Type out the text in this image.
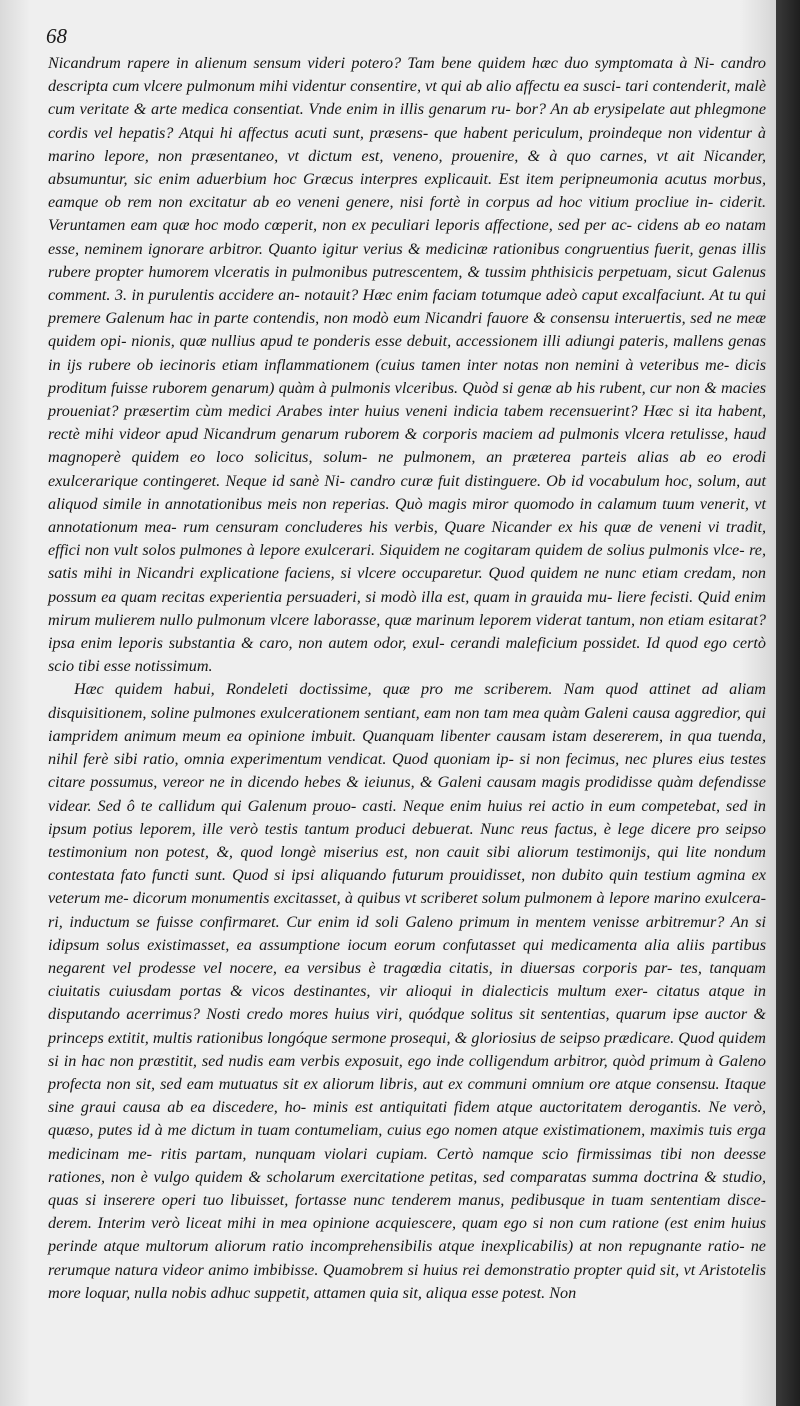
68

Nicandrum rapere in alienum sensum videri potero? Tam bene quidem hæc duo symptomata à Ni- candro descripta cum vlcere pulmonum mihi videntur consentire, vt qui ab alio affectu ea susci- tari contenderit, malè cum veritate & arte medica consentiat. Vnde enim in illis genarum ru- bor? An ab erysipelate aut phlegmone cordis vel hepatis? Atqui hi affectus acuti sunt, præsens- que habent periculum, proindeque non videntur à marino lepore, non præsentaneo, vt dictum est, veneno, prouenire, & à quo carnes, vt ait Nicander, absumuntur, sic enim aduerbium hoc Græcus interpres explicauit. Est item peripneumonia acutus morbus, eamque ob rem non excitatur ab eo veneni genere, nisi fortè in corpus ad hoc vitium procliue in- ciderit. Veruntamen eam quæ hoc modo cœperit, non ex peculiari leporis affectione, sed per ac- cidens ab eo natam esse, neminem ignorare arbitror. Quanto igitur verius & medicinæ rationibus congruentius fuerit, genas illis rubere propter humorem vlceratis in pulmonibus putrescentem, & tussim phthisicis perpetuam, sicut Galenus comment. 3. in purulentis accidere an- notauit? Hæc enim faciam totumque adeò caput excalfaciunt. At tu qui premere Galenum hac in parte contendis, non modò eum Nicandri fauore & consensu interuertis, sed ne meæ quidem opi- nionis, quæ nullius apud te ponderis esse debuit, accessionem illi adiungi pateris, mallens genas in ijs rubere ob iecinoris etiam inflammationem (cuius tamen inter notas non nemini à veteribus me- dicis proditum fuisse ruborem genarum) quàm à pulmonis vlceribus. Quòd si genæ ab his rubent, cur non & macies proueniat? præsertim cùm medici Arabes inter huius veneni indicia tabem recensuerint? Hæc si ita habent, rectè mihi videor apud Nicandrum genarum ruborem & corporis maciem ad pulmonis vlcera retulisse, haud magnoperè quidem eo loco solicitus, solum- ne pulmonem, an præterea parteis alias ab eo erodi exulcerarique contingeret. Neque id sanè Ni- candro curæ fuit distinguere. Ob id vocabulum hoc, solum, aut aliquod simile in annotationibus meis non reperias. Quò magis miror quomodo in calamum tuum venerit, vt annotationum mea- rum censuram concluderes his verbis, Quare Nicander ex his quæ de veneni vi tradit, effici non vult solos pulmones à lepore exulcerari. Siquidem ne cogitaram quidem de solius pulmonis vlce- re, satis mihi in Nicandri explicatione faciens, si vlcere occuparetur. Quod quidem ne nunc etiam credam, non possum ea quam recitas experientia persuaderi, si modò illa est, quam in grauida mu- liere fecisti. Quid enim mirum mulierem nullo pulmonum vlcere laborasse, quæ marinum leporem viderat tantum, non etiam esitarat? ipsa enim leporis substantia & caro, non autem odor, exul- cerandi maleficium possidet. Id quod ego certò scio tibi esse notissimum.

Hæc quidem habui, Rondeleti doctissime, quæ pro me scriberem. Nam quod attinet ad aliam disquisitionem, soline pulmones exulcerationem sentiant, eam non tam mea quàm Galeni causa aggredior, qui iampridem animum meum ea opinione imbuit. Quanquam libenter causam istam desererem, in qua tuenda, nihil ferè sibi ratio, omnia experimentum vendicat. Quod quoniam ip- si non fecimus, nec plures eius testes citare possumus, vereor ne in dicendo hebes & ieiunus, & Galeni causam magis prodidisse quàm defendisse videar. Sed ô te callidum qui Galenum prouo- casti. Neque enim huius rei actio in eum competebat, sed in ipsum potius leporem, ille verò testis tantum produci debuerat. Nunc reus factus, è lege dicere pro seipso testimonium non potest, &, quod longè miserius est, non cauit sibi aliorum testimonijs, qui lite nondum contestata fato functi sunt. Quod si ipsi aliquando futurum prouidisset, non dubito quin testium agmina ex veterum me- dicorum monumentis excitasset, à quibus vt scriberet solum pulmonem à lepore marino exulcera- ri, inductum se fuisse confirmaret. Cur enim id soli Galeno primum in mentem venisse arbitremur? An si idipsum solus existimasset, ea assumptione iocum eorum confutasset qui medicamenta alia aliis partibus negarent vel prodesse vel nocere, ea versibus è tragœdia citatis, in diuersas corporis par- tes, tanquam ciuitatis cuiusdam portas & vicos destinantes, vir alioqui in dialecticis multum exer- citatus atque in disputando acerrimus? Nosti credo mores huius viri, quódque solitus sit sententias, quarum ipse auctor & princeps extitit, multis rationibus longóque sermone prosequi, & gloriosius de seipso prædicare. Quod quidem si in hac non præstitit, sed nudis eam verbis exposuit, ego inde colligendum arbitror, quòd primum à Galeno profecta non sit, sed eam mutuatus sit ex aliorum libris, aut ex communi omnium ore atque consensu. Itaque sine graui causa ab ea discedere, ho- minis est antiquitati fidem atque auctoritatem derogantis. Ne verò, quæso, putes id à me dictum in tuam contumeliam, cuius ego nomen atque existimationem, maximis tuis erga medicinam me- ritis partam, nunquam violari cupiam. Certò namque scio firmissimas tibi non deesse rationes, non è vulgo quidem & scholarum exercitatione petitas, sed comparatas summa doctrina & studio, quas si inserere operi tuo libuisset, fortasse nunc tenderem manus, pedibusque in tuam sententiam disce- derem. Interim verò liceat mihi in mea opinione acquiescere, quam ego si non cum ratione (est enim huius perinde atque multorum aliorum ratio incomprehensibilis atque inexplicabilis) at non repugnante ratio- ne rerumque natura videor animo imbibisse. Quamobrem si huius rei demonstratio propter quid sit, vt Aristotelis more loquar, nulla nobis adhuc suppetit, attamen quia sit, aliqua esse potest. Non
